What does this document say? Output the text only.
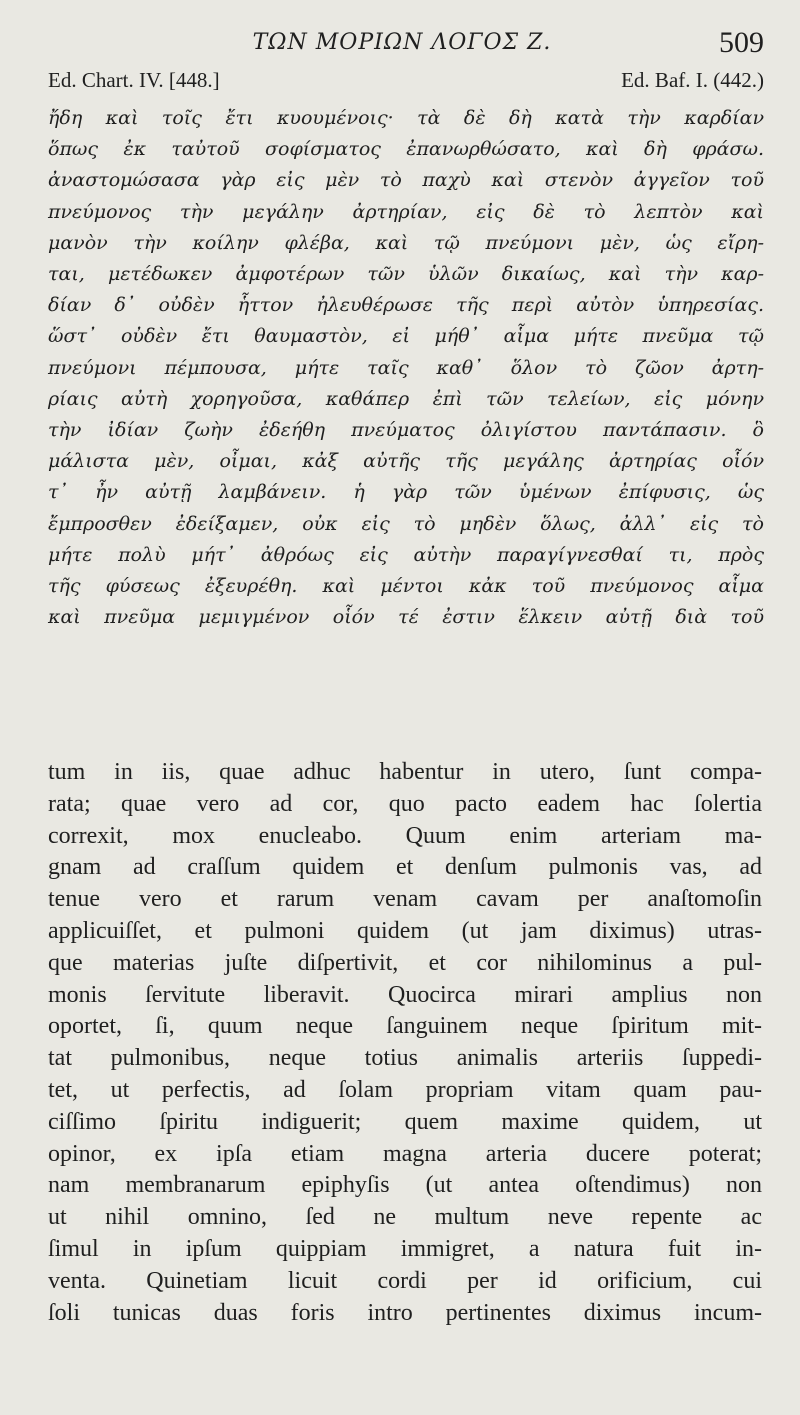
ΤΩΝ ΜΟΡΙΩΝ ΛΟΓΟΣ Ζ.	509
Ed. Chart. IV. [448.]	Ed. Baf. I. (442.)
ἤδη καὶ τοῖς ἔτι κυουμένοις· τὰ δὲ δὴ κατὰ τὴν καρδίαν
ὅπως ἐκ ταὐτοῦ σοφίσματος ἐπανωρθώσατο, καὶ δὴ φράσω.
ἀναστομώσασα γὰρ εἰς μὲν τὸ παχὺ καὶ στενὸν ἀγγεῖον τοῦ
πνεύμονος τὴν μεγάλην ἀρτηρίαν, εἰς δὲ τὸ λεπτὸν καὶ
μανὸν τὴν κοίλην φλέβα, καὶ τῷ πνεύμονι μὲν, ὡς εἴρη-
ται, μετέδωκεν ἀμφοτέρων τῶν ὑλῶν δικαίως, καὶ τὴν καρ-
δίαν δ᾽ οὐδὲν ἧττον ἠλευθέρωσε τῆς περὶ αὐτὸν ὑπηρεσίας.
ὥστ᾽ οὐδὲν ἔτι θαυμαστὸν, εἰ μήθ᾽ αἷμα μήτε πνεῦμα τῷ
πνεύμονι πέμπουσα, μήτε ταῖς καθ᾽ ὅλον τὸ ζῶον ἀρτη-
ρίαις αὐτὴ χορηγοῦσα, καθάπερ ἐπὶ τῶν τελείων, εἰς μόνην
τὴν ἰδίαν ζωὴν ἐδεήθη πνεύματος ὀλιγίστου παντάπασιν. ὃ
μάλιστα μὲν, οἶμαι, κἀξ αὐτῆς τῆς μεγάλης ἀρτηρίας οἷόν
τ᾽ ἦν αὐτῇ λαμβάνειν. ἡ γὰρ τῶν ὑμένων ἐπίφυσις, ὡς
ἔμπροσθεν ἐδείξαμεν, οὐκ εἰς τὸ μηδὲν ὅλως, ἀλλ᾽ εἰς τὸ
μήτε πολὺ μήτ᾽ ἀθρόως εἰς αὐτὴν παραγίγνεσθαί τι, πρὸς
τῆς φύσεως ἐξευρέθη. καὶ μέντοι κἀκ τοῦ πνεύμονος αἷμα
καὶ πνεῦμα μεμιγμένον οἷόν τέ ἐστιν ἕλκειν αὐτῇ διὰ τοῦ
tum in iis, quae adhuc habentur in utero, ſunt compa-
rata; quae vero ad cor, quo pacto eadem hac ſolertia
correxit, mox enucleabo. Quum enim arteriam ma-
gnam ad craſſum quidem et denſum pulmonis vas, ad
tenue vero et rarum venam cavam per anaſtomoſin
applicuiſſet, et pulmoni quidem (ut jam diximus) utras-
que materias juſte diſpertivit, et cor nihilominus a pul-
monis ſervitute liberavit. Quocirca mirari amplius non
oportet, ſi, quum neque ſanguinem neque ſpiritum mit-
tat pulmonibus, neque totius animalis arteriis ſuppedi-
tet, ut perfectis, ad ſolam propriam vitam quam pau-
ciſſimo ſpiritu indiguerit; quem maxime quidem, ut
opinor, ex ipſa etiam magna arteria ducere poterat;
nam membranarum epiphyſis (ut antea oſtendimus) non
ut nihil omnino, ſed ne multum neve repente ac
ſimul in ipſum quippiam immigret, a natura fuit in-
venta. Quinetiam licuit cordi per id orificium, cui
ſoli tunicas duas foris intro pertinentes diximus incum-
